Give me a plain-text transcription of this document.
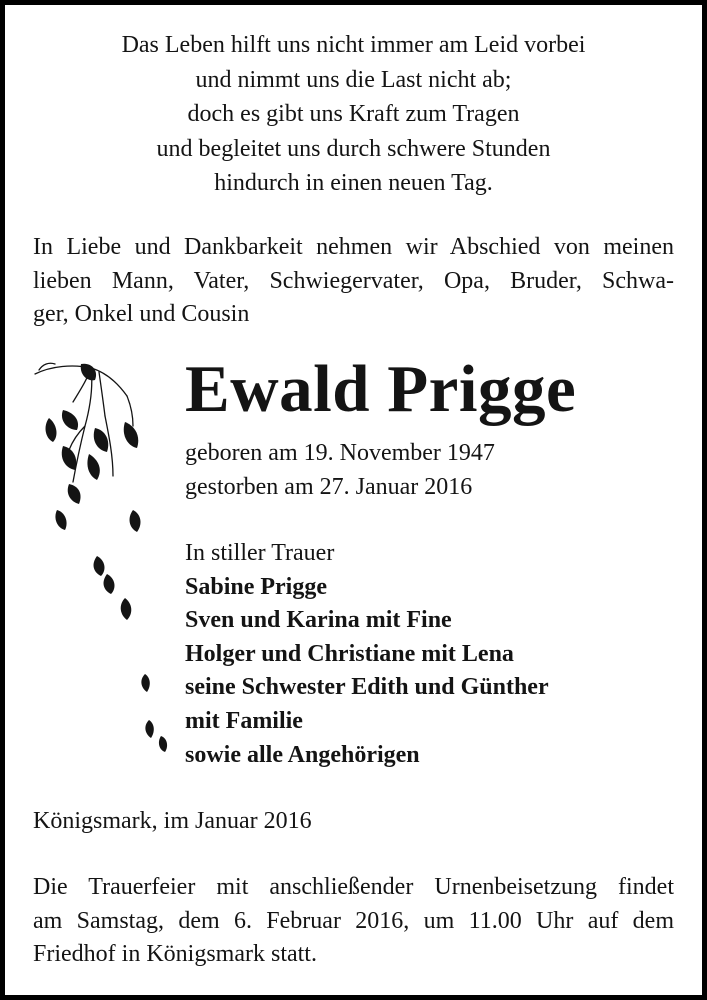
Das Leben hilft uns nicht immer am Leid vorbei
und nimmt uns die Last nicht ab;
doch es gibt uns Kraft zum Tragen
und begleitet uns durch schwere Stunden
hindurch in einen neuen Tag.
In Liebe und Dankbarkeit nehmen wir Abschied von meinen
lieben Mann, Vater, Schwiegervater, Opa, Bruder, Schwa-
ger, Onkel und Cousin
Ewald Prigge
geboren am 19. November 1947
gestorben am 27. Januar 2016
In stiller Trauer
Sabine Prigge
Sven und Karina mit Fine
Holger und Christiane mit Lena
seine Schwester Edith und Günther
mit Familie
sowie alle Angehörigen
Königsmark, im Januar 2016
Die Trauerfeier mit anschließender Urnenbeisetzung findet
am Samstag, dem 6. Februar 2016, um 11.00 Uhr auf dem
Friedhof in Königsmark statt.
